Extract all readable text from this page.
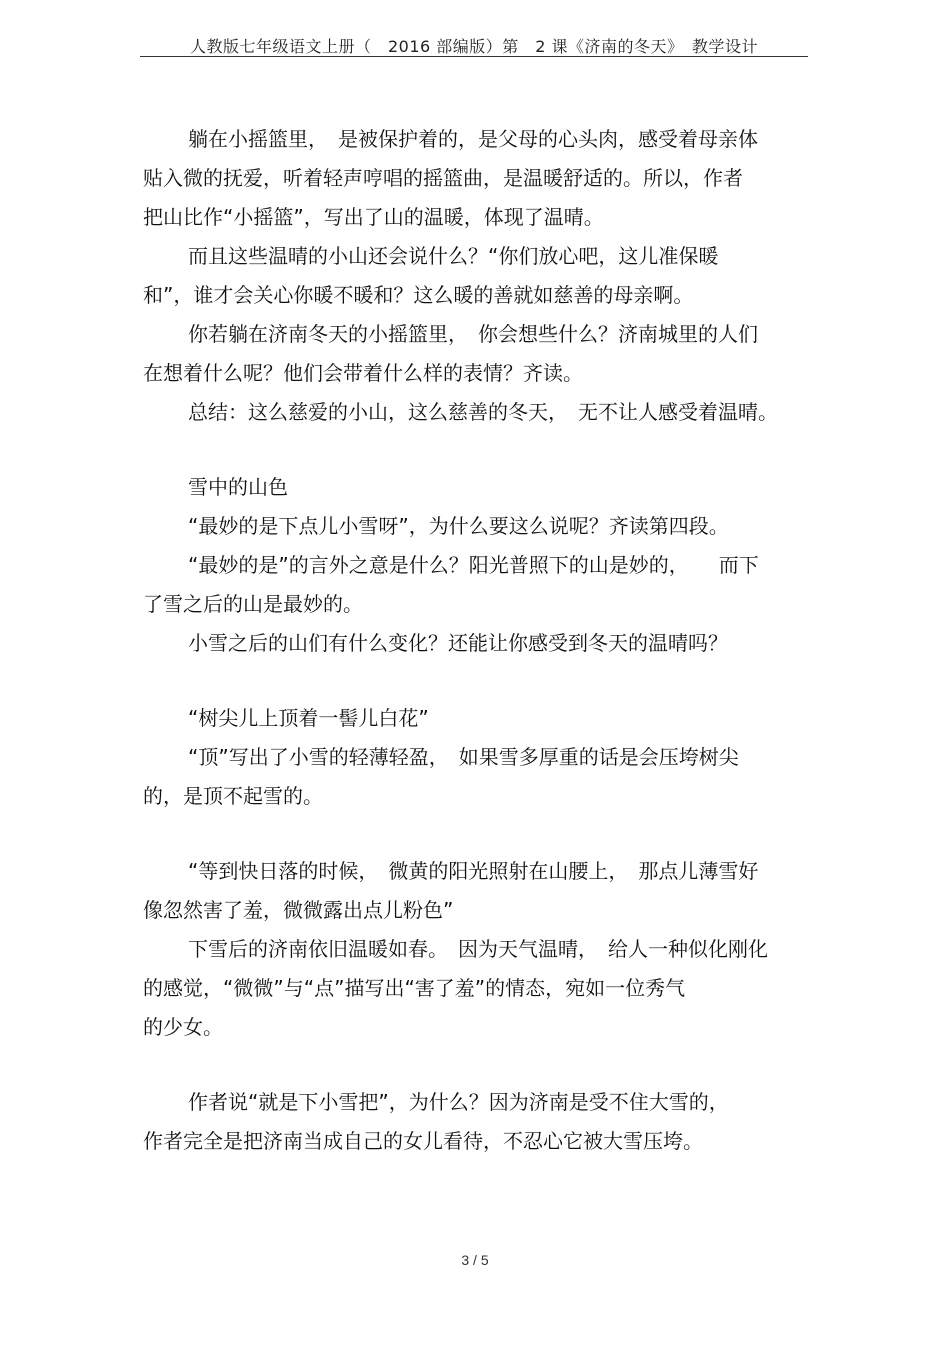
人教版七年级语文上册（　2016 部编版）第　2 课《济南的冬天》　教学设计
躺在小摇篮里，　是被保护着的，是父母的心头肉，感受着母亲体
贴入微的抚爱，听着轻声哼唱的摇篮曲，是温暖舒适的。所以，作者
把山比作“小摇篮”，写出了山的温暖，体现了温晴。
而且这些温晴的小山还会说什么？“你们放心吧，这儿准保暖
和”，谁才会关心你暖不暖和？这么暖的善就如慈善的母亲啊。
你若躺在济南冬天的小摇篮里，　你会想些什么？济南城里的人们
在想着什么呢？他们会带着什么样的表情？齐读。
总结：这么慈爱的小山，这么慈善的冬天，　无不让人感受着温晴。
雪中的山色
“最妙的是下点儿小雪呀”，为什么要这么说呢？齐读第四段。
“最妙的是”的言外之意是什么？阳光普照下的山是妙的，　　而下
了雪之后的山是最妙的。
小雪之后的山们有什么变化？还能让你感受到冬天的温晴吗？
“树尖儿上顶着一髻儿白花”
“顶”写出了小雪的轻薄轻盈，　如果雪多厚重的话是会压垮树尖
的，是顶不起雪的。
“等到快日落的时候，　微黄的阳光照射在山腰上，　那点儿薄雪好
像忽然害了羞，微微露出点儿粉色”
下雪后的济南依旧温暖如春。　因为天气温晴，　给人一种似化刚化
的感觉，“微微”与“点”描写出“害了羞”的情态，宛如一位秀气
的少女。
作者说“就是下小雪把”，为什么？因为济南是受不住大雪的，
作者完全是把济南当成自己的女儿看待，不忍心它被大雪压垮。
3 / 5
